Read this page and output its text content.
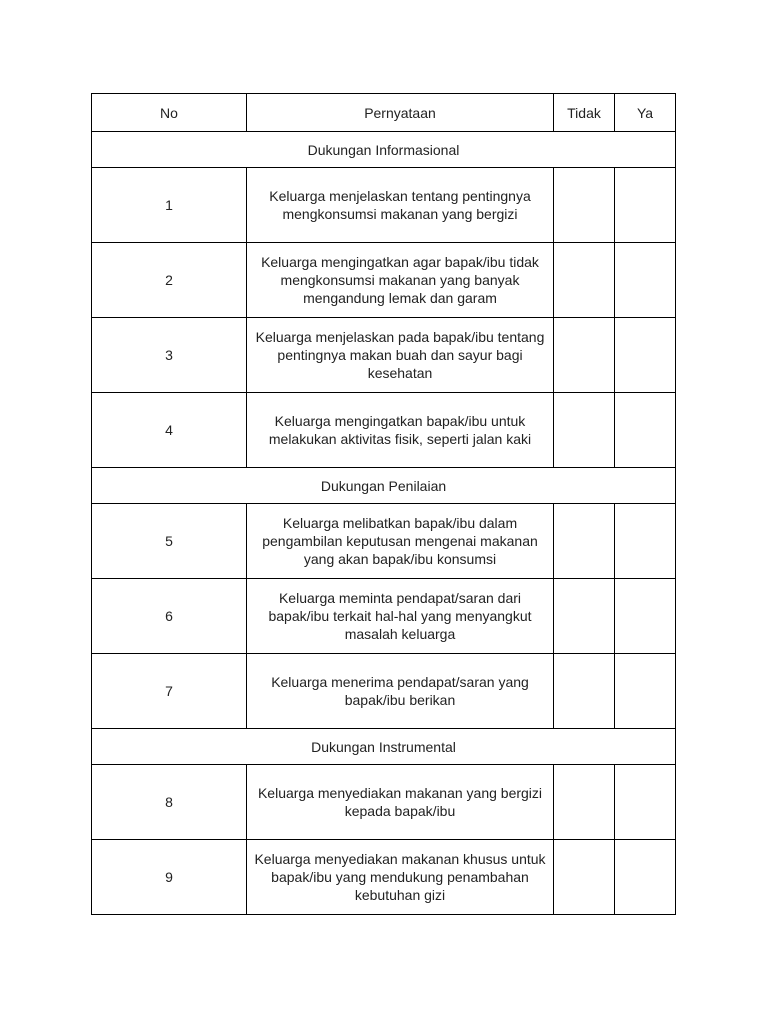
No	Pernyataan	Tidak	Ya
Dukungan Informasional			
1	Keluarga menjelaskan tentang pentingnya mengkonsumsi makanan yang bergizi		
2	Keluarga mengingatkan agar bapak/ibu tidak mengkonsumsi makanan yang banyak mengandung lemak dan garam		
3	Keluarga menjelaskan pada bapak/ibu tentang pentingnya makan buah dan sayur bagi kesehatan		
4	Keluarga mengingatkan bapak/ibu untuk melakukan aktivitas fisik, seperti jalan kaki		
Dukungan Penilaian			
5	Keluarga melibatkan bapak/ibu dalam pengambilan keputusan mengenai makanan yang akan bapak/ibu konsumsi		
6	Keluarga meminta pendapat/saran dari bapak/ibu terkait hal-hal yang menyangkut masalah keluarga		
7	Keluarga menerima pendapat/saran yang bapak/ibu berikan		
Dukungan Instrumental			
8	Keluarga menyediakan makanan yang bergizi kepada bapak/ibu		
9	Keluarga menyediakan makanan khusus untuk bapak/ibu yang mendukung penambahan kebutuhan gizi		
